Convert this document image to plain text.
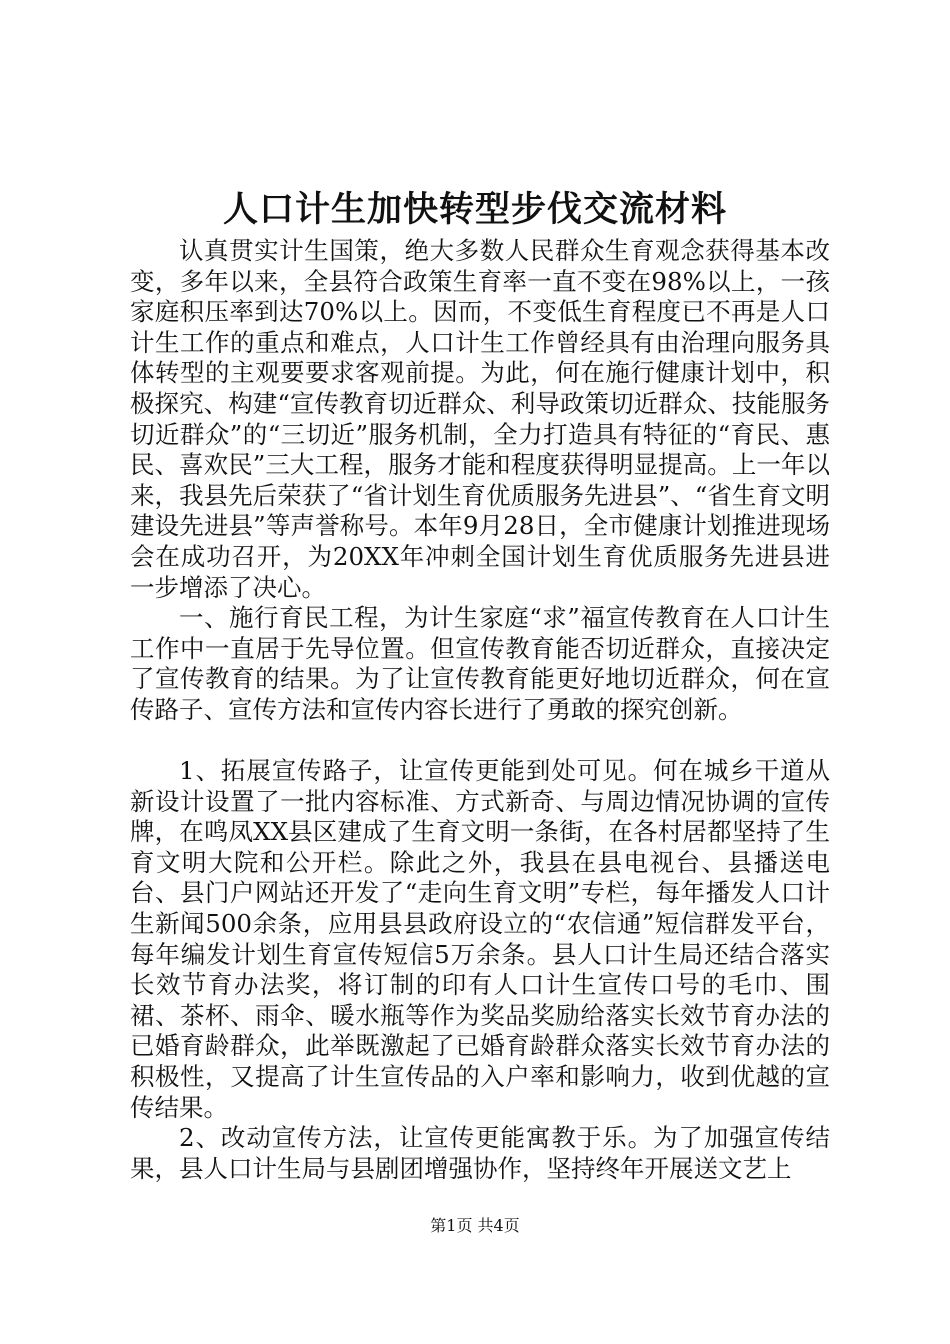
人口计生加快转型步伐交流材料

认真贯实计生国策，绝大多数人民群众生育观念获得基本改变，多年以来，全县符合政策生育率一直不变在98%以上，一孩家庭积压率到达70%以上。因而，不变低生育程度已不再是人口计生工作的重点和难点，人口计生工作曾经具有由治理向服务具体转型的主观要要求客观前提。为此，何在施行健康计划中，积极探究、构建“宣传教育切近群众、利导政策切近群众、技能服务切近群众”的“三切近”服务机制，全力打造具有特征的“育民、惠民、喜欢民”三大工程，服务才能和程度获得明显提高。上一年以来，我县先后荣获了“省计划生育优质服务先进县”、“省生育文明建设先进县”等声誉称号。本年9月28日，全市健康计划推进现场会在成功召开，为20XX年冲刺全国计划生育优质服务先进县进一步增添了决心。

一、施行育民工程，为计生家庭“求”福宣传教育在人口计生工作中一直居于先导位置。但宣传教育能否切近群众，直接决定了宣传教育的结果。为了让宣传教育能更好地切近群众，何在宣传路子、宣传方法和宣传内容长进行了勇敢的探究创新。

1、拓展宣传路子，让宣传更能到处可见。何在城乡干道从新设计设置了一批内容标准、方式新奇、与周边情况协调的宣传牌，在鸣凤XX县区建成了生育文明一条街，在各村居都坚持了生育文明大院和公开栏。除此之外，我县在县电视台、县播送电台、县门户网站还开发了“走向生育文明”专栏，每年播发人口计生新闻500余条，应用县县政府设立的“农信通”短信群发平台，每年编发计划生育宣传短信5万余条。县人口计生局还结合落实长效节育办法奖，将订制的印有人口计生宣传口号的毛巾、围裙、茶杯、雨伞、暖水瓶等作为奖品奖励给落实长效节育办法的已婚育龄群众，此举既激起了已婚育龄群众落实长效节育办法的积极性，又提高了计生宣传品的入户率和影响力，收到优越的宣传结果。

2、改动宣传方法，让宣传更能寓教于乐。为了加强宣传结果，县人口计生局与县剧团增强协作，坚持终年开展送文艺上

第1页 共4页
